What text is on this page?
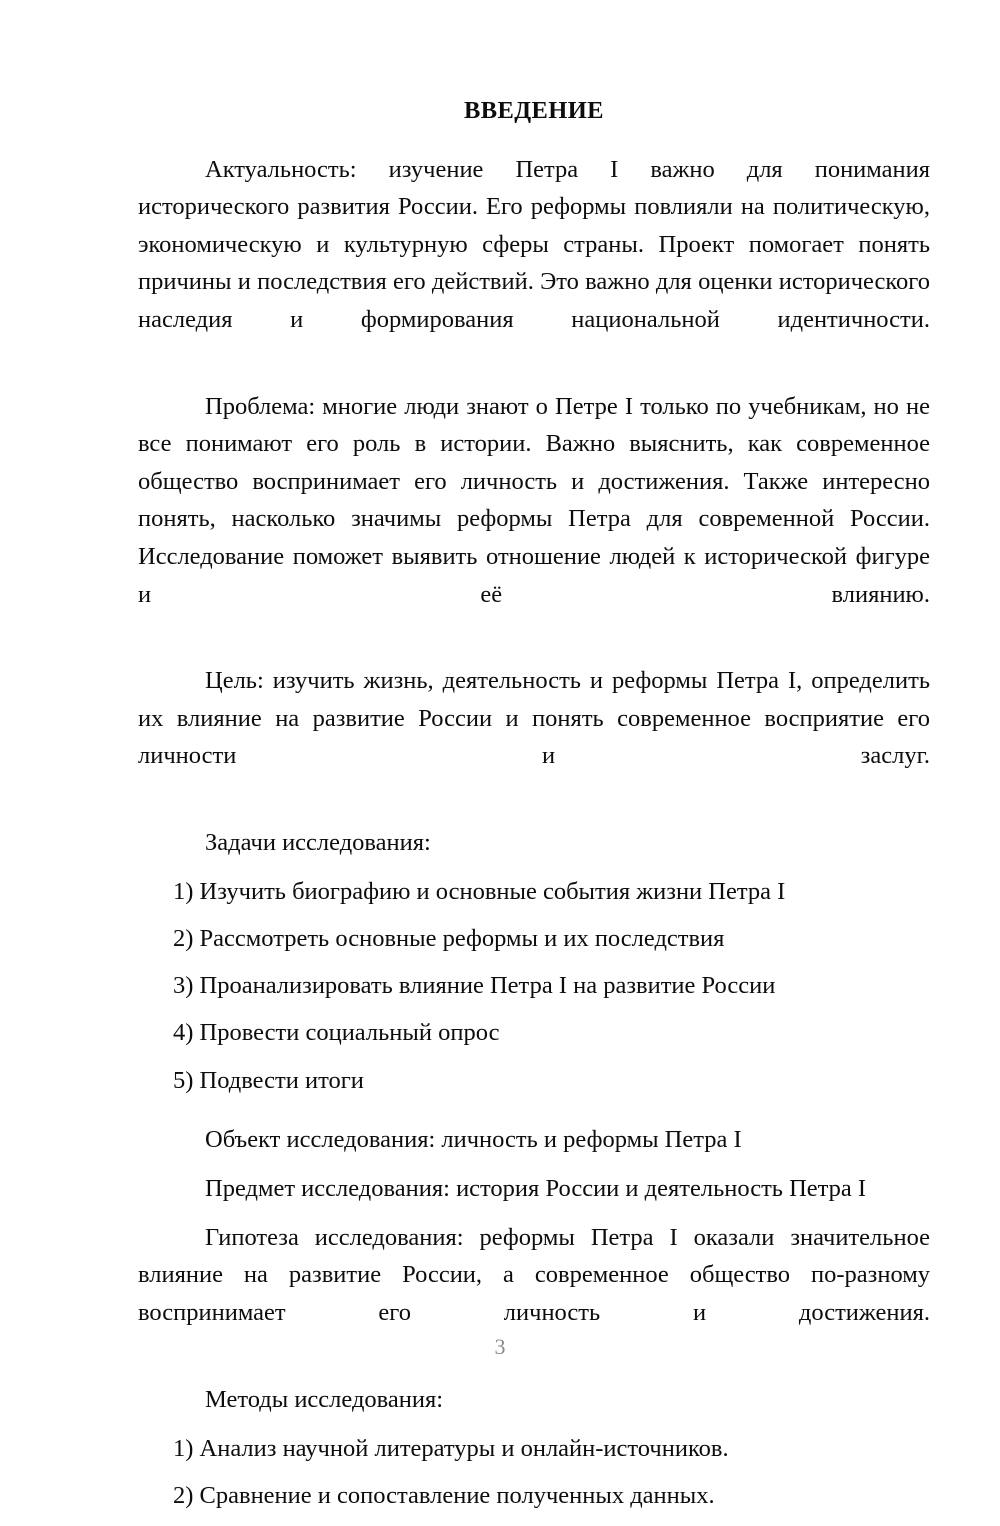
ВВЕДЕНИЕ

Актуальность: изучение Петра I важно для понимания исторического развития России. Его реформы повлияли на политическую, экономическую и культурную сферы страны. Проект помогает понять причины и последствия его действий. Это важно для оценки исторического наследия и формирования национальной идентичности.

Проблема: многие люди знают о Петре I только по учебникам, но не все понимают его роль в истории. Важно выяснить, как современное общество воспринимает его личность и достижения. Также интересно понять, насколько значимы реформы Петра для современной России. Исследование поможет выявить отношение людей к исторической фигуре и её влиянию.

Цель: изучить жизнь, деятельность и реформы Петра I, определить их влияние на развитие России и понять современное восприятие его личности и заслуг.

Задачи исследования:

1) Изучить биографию и основные события жизни Петра I
2) Рассмотреть основные реформы и их последствия
3) Проанализировать влияние Петра I на развитие России
4) Провести социальный опрос
5) Подвести итоги

Объект исследования: личность и реформы Петра I

Предмет исследования: история России и деятельность Петра I

Гипотеза исследования: реформы Петра I оказали значительное влияние на развитие России, а современное общество по-разному воспринимает его личность и достижения.

Методы исследования:

1) Анализ научной литературы и онлайн-источников.
2) Сравнение и сопоставление полученных данных.
3
